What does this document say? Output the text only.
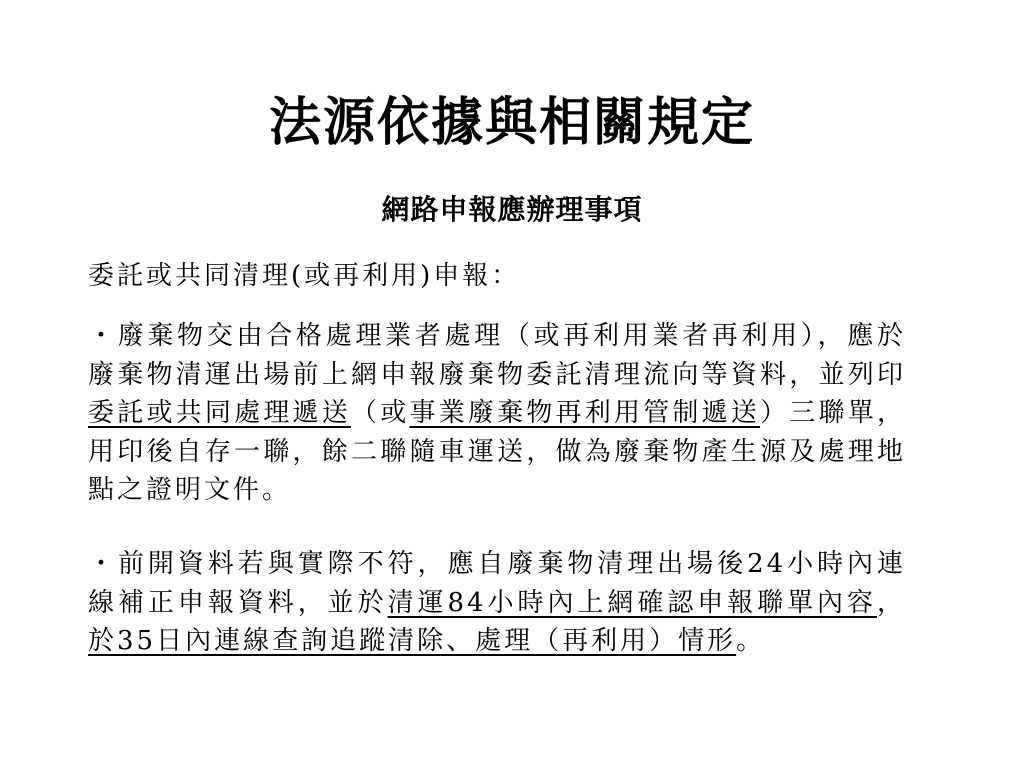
法源依據與相關規定
網路申報應辦理事項

委託或共同清理(或再利用)申報：

・廢棄物交由合格處理業者處理（或再利用業者再利用），應於廢棄物清運出場前上網申報廢棄物委託清理流向等資料，並列印委託或共同處理遞送（或事業廢棄物再利用管制遞送）三聯單，用印後自存一聯，餘二聯隨車運送，做為廢棄物產生源及處理地點之證明文件。

・前開資料若與實際不符，應自廢棄物清理出場後24小時內連線補正申報資料，並於清運84小時內上網確認申報聯單內容，於35日內連線查詢追蹤清除、處理（再利用）情形。
